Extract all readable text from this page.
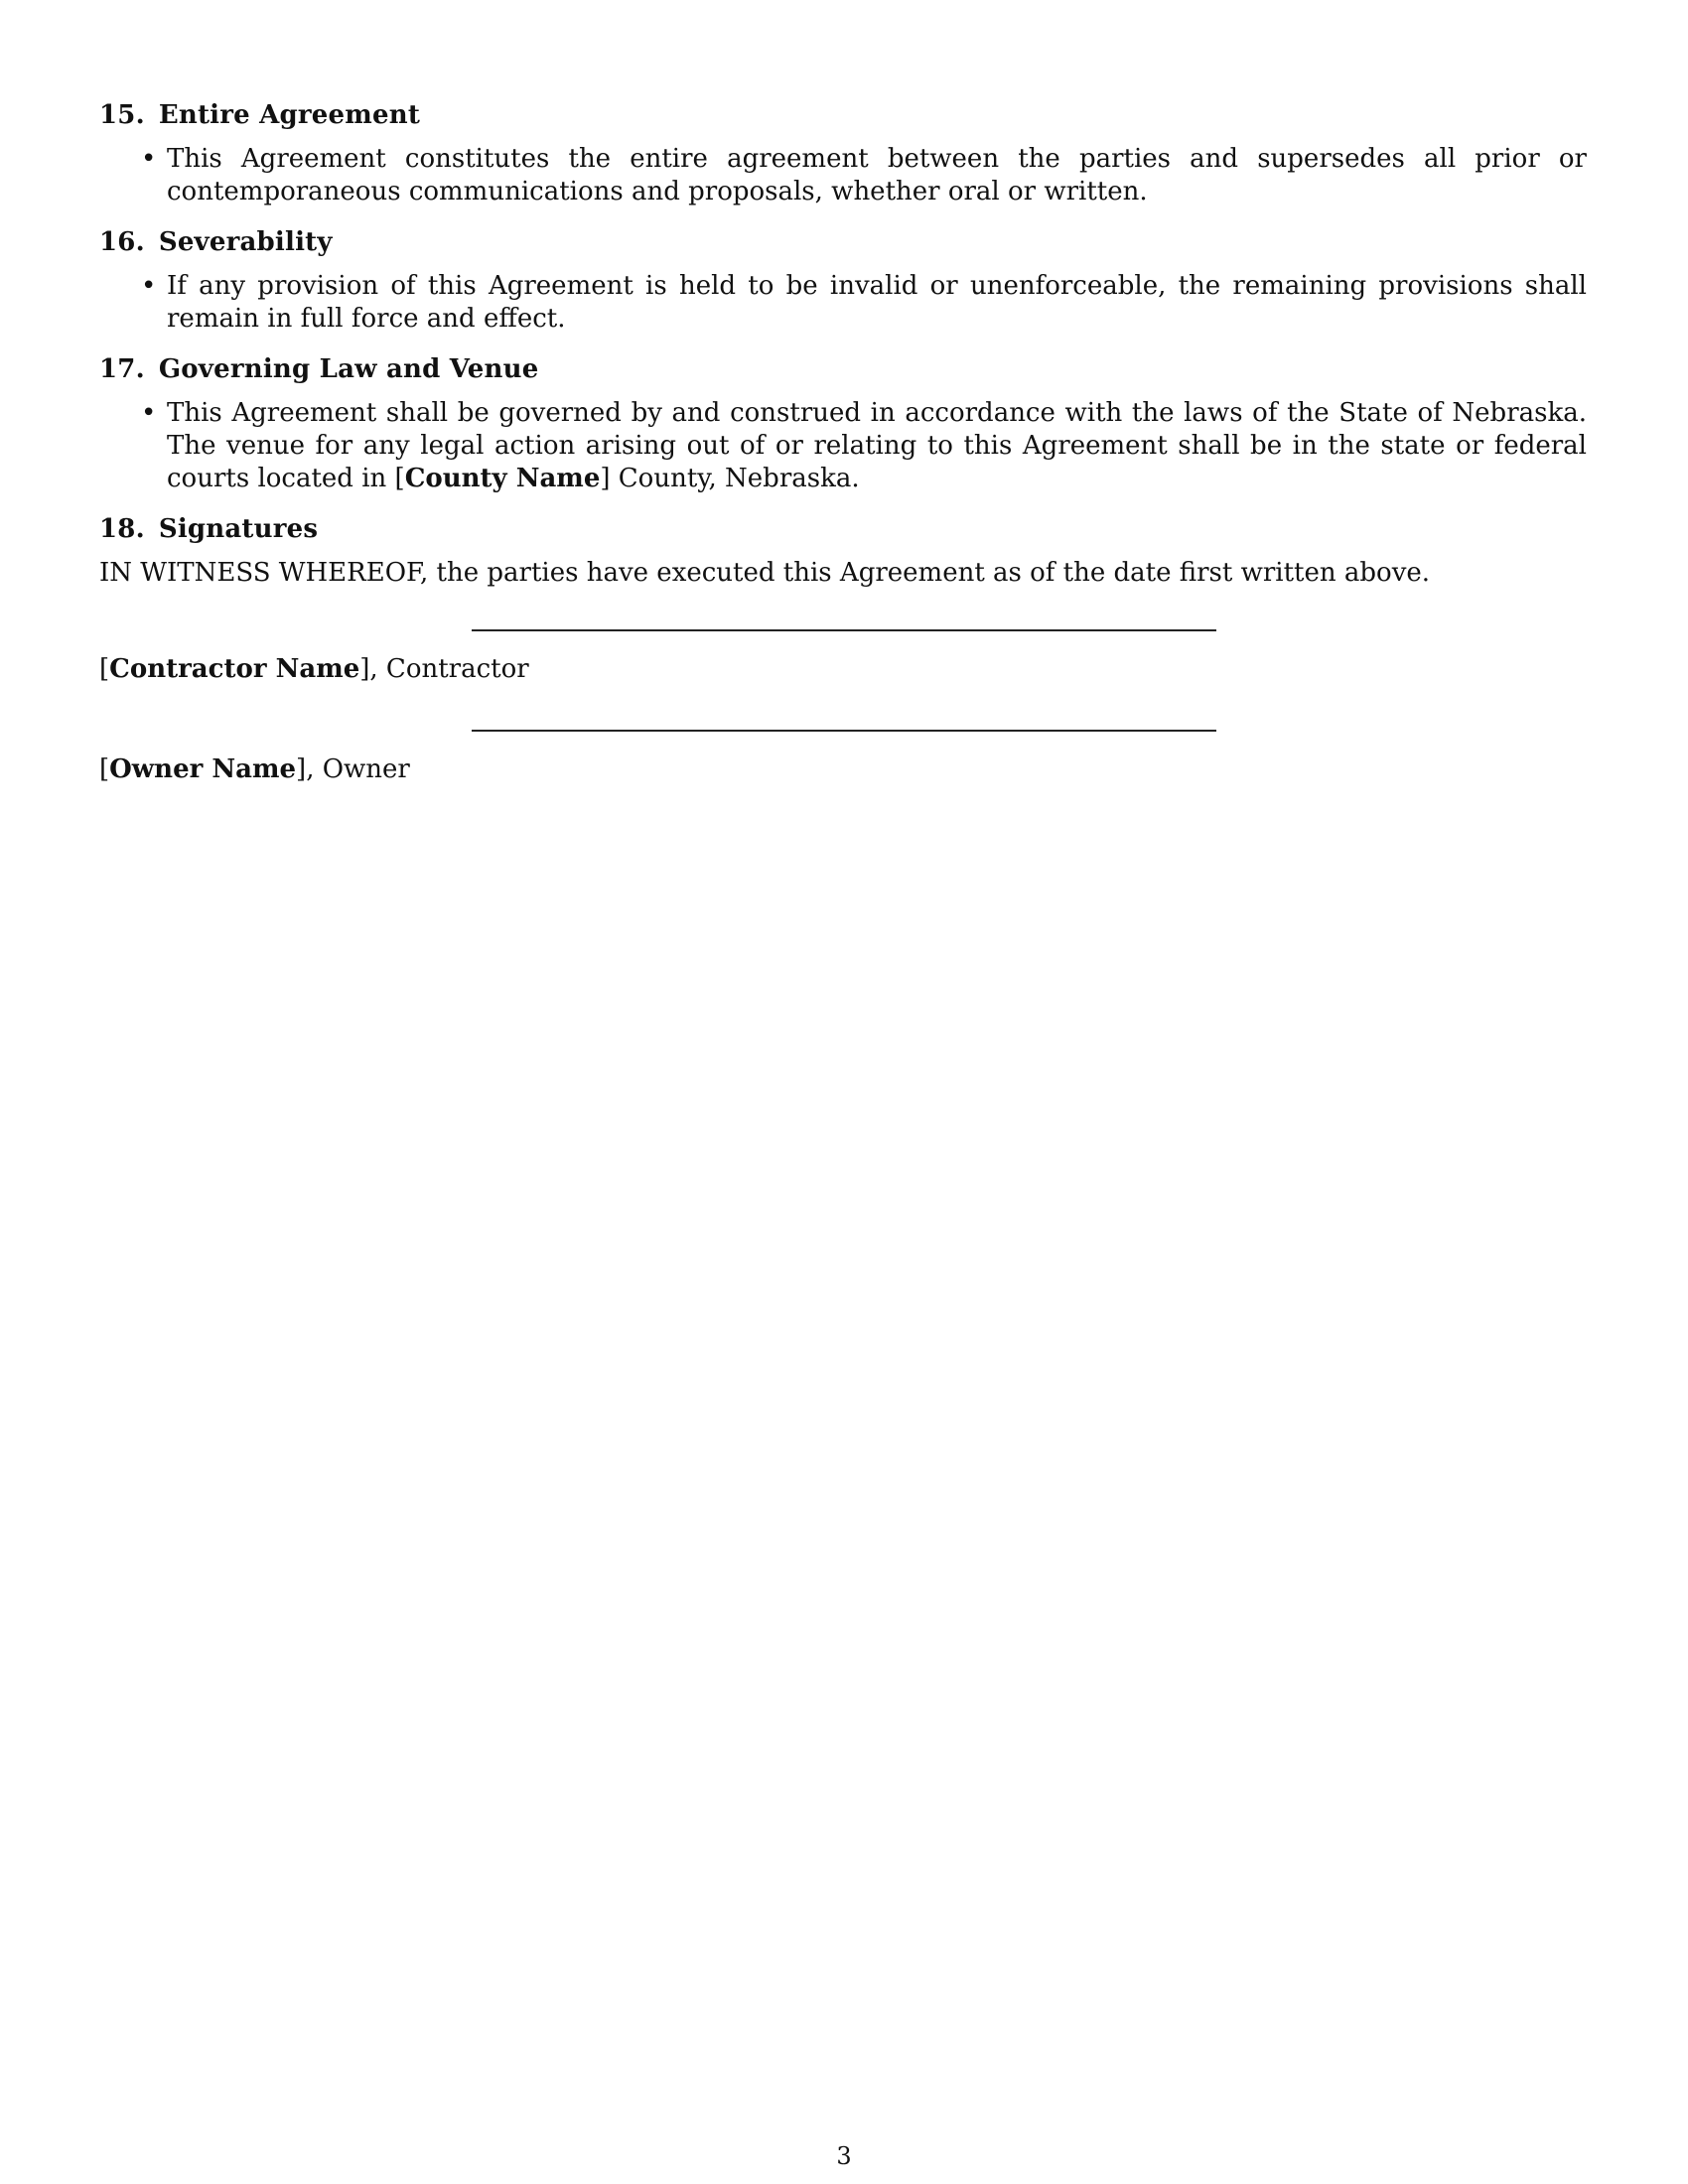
15. Entire Agreement
• This Agreement constitutes the entire agreement between the parties and supersedes all prior or contemporaneous communications and proposals, whether oral or written.
16. Severability
• If any provision of this Agreement is held to be invalid or unenforceable, the remaining provisions shall remain in full force and effect.
17. Governing Law and Venue
• This Agreement shall be governed by and construed in accordance with the laws of the State of Nebraska. The venue for any legal action arising out of or relating to this Agreement shall be in the state or federal courts located in [County Name] County, Nebraska.
18. Signatures

IN WITNESS WHEREOF, the parties have executed this Agreement as of the date first written above.

[Contractor Name], Contractor
[Owner Name], Owner
3
